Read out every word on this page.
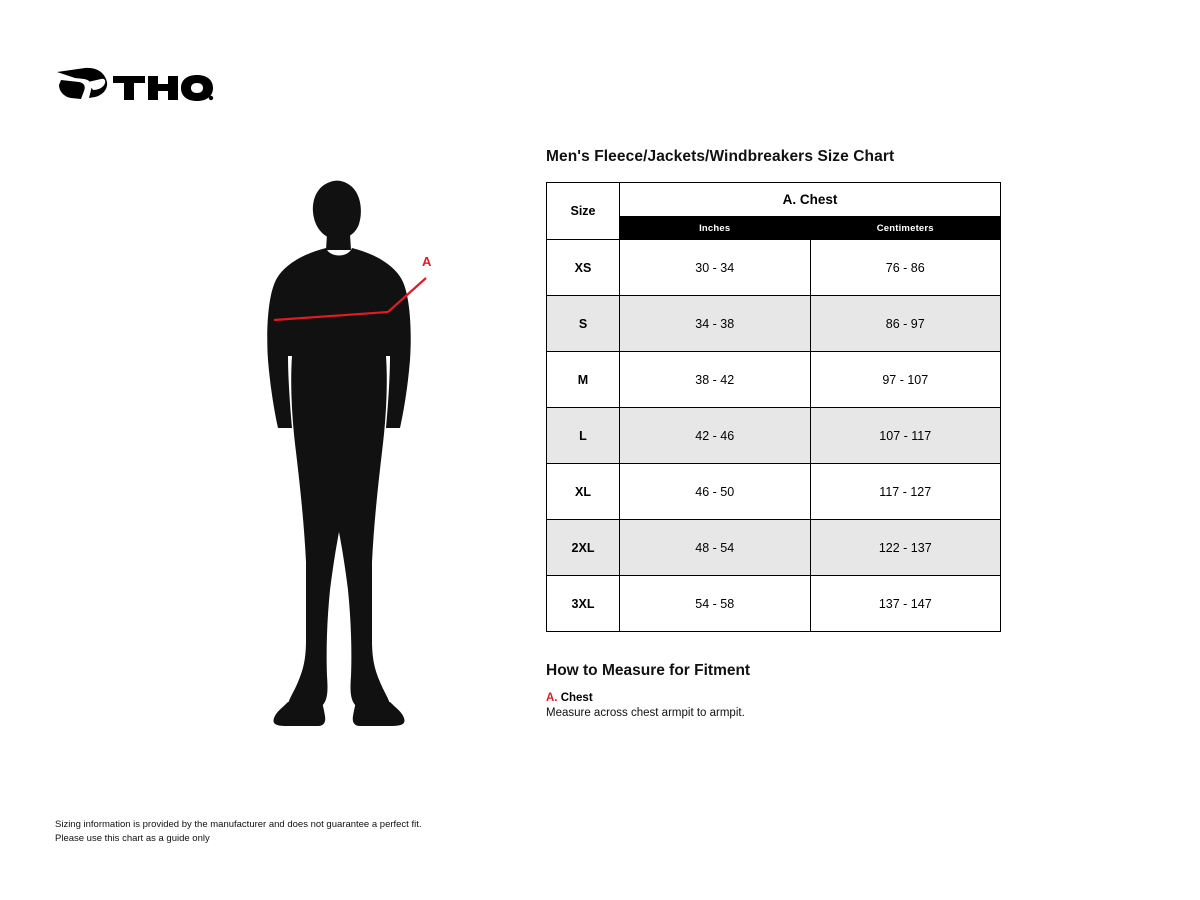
A
Men's Fleece/Jackets/Windbreakers Size Chart
Size	A. Chest	
	Inches	Centimeters
XS	30 - 34	76 - 86
S	34 - 38	86 - 97
M	38 - 42	97 - 107
L	42 - 46	107 - 117
XL	46 - 50	117 - 127
2XL	48 - 54	122 - 137
3XL	54 - 58	137 - 147
How to Measure for Fitment
A. Chest
Measure across chest armpit to armpit.
Sizing information is provided by the manufacturer and does not guarantee a perfect fit.
Please use this chart as a guide only
